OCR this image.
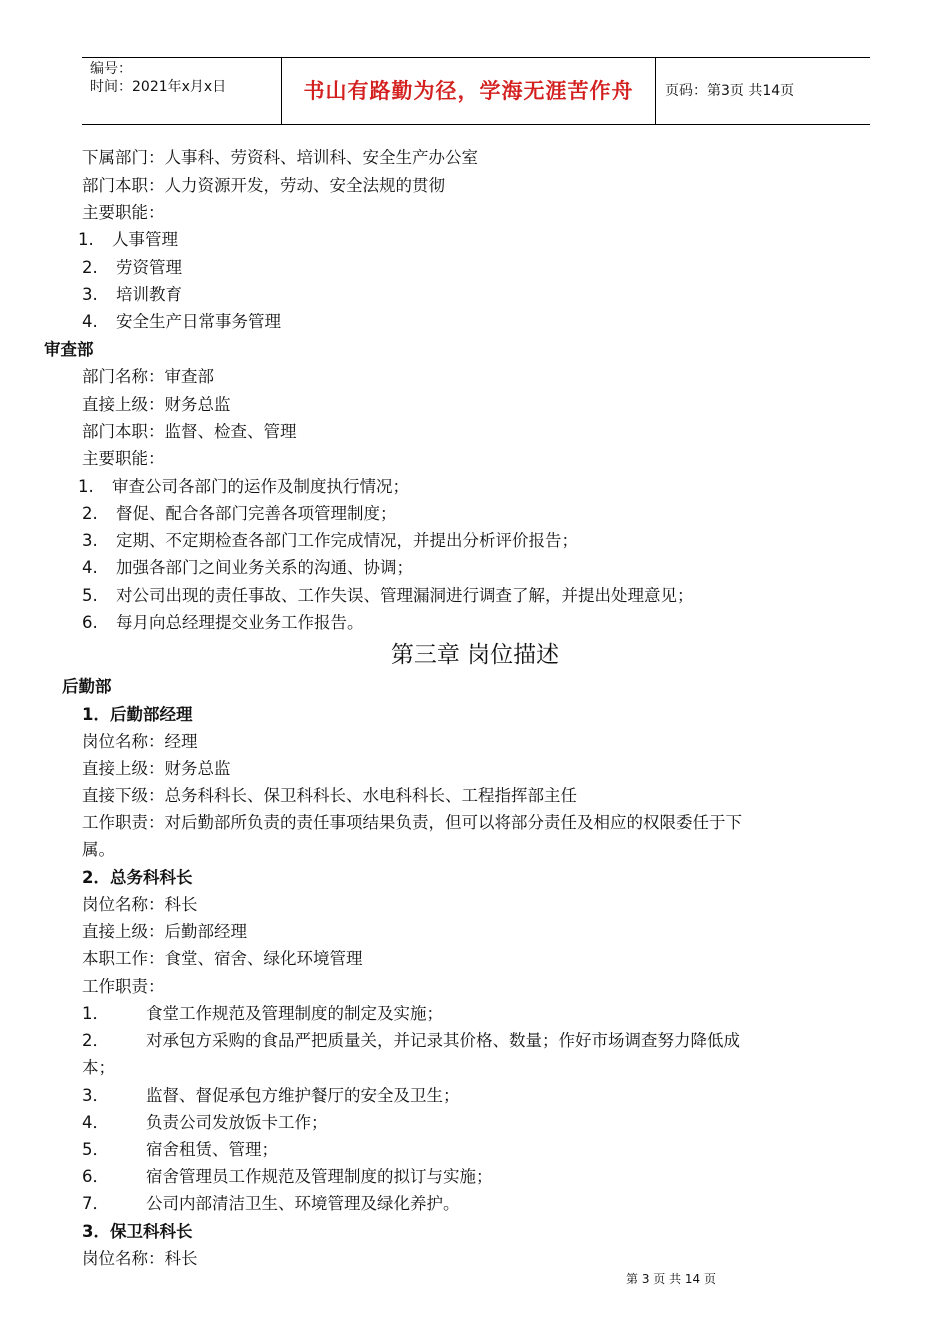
编号：
时间：2021年x月x日	书山有路勤为径，学海无涯苦作舟	页码：第3页 共14页
下属部门：人事科、劳资科、培训科、安全生产办公室
部门本职：人力资源开发，劳动、安全法规的贯彻
主要职能：
1. 人事管理
2. 劳资管理
3. 培训教育
4. 安全生产日常事务管理
审查部
部门名称：审查部
直接上级：财务总监
部门本职：监督、检查、管理
主要职能：
1. 审查公司各部门的运作及制度执行情况；
2. 督促、配合各部门完善各项管理制度；
3. 定期、不定期检查各部门工作完成情况，并提出分析评价报告；
4. 加强各部门之间业务关系的沟通、协调；
5. 对公司出现的责任事故、工作失误、管理漏洞进行调查了解，并提出处理意见；
6. 每月向总经理提交业务工作报告。
第三章 岗位描述
后勤部
1．后勤部经理
岗位名称：经理
直接上级：财务总监
直接下级：总务科科长、保卫科科长、水电科科长、工程指挥部主任
工作职责：对后勤部所负责的责任事项结果负责，但可以将部分责任及相应的权限委任于下
属。
2．总务科科长
岗位名称：科长
直接上级：后勤部经理
本职工作：食堂、宿舍、绿化环境管理
工作职责：
1． 食堂工作规范及管理制度的制定及实施；
2． 对承包方采购的食品严把质量关，并记录其价格、数量；作好市场调查努力降低成
本；
3． 监督、督促承包方维护餐厅的安全及卫生；
4． 负责公司发放饭卡工作；
5． 宿舍租赁、管理；
6． 宿舍管理员工作规范及管理制度的拟订与实施；
7． 公司内部清洁卫生、环境管理及绿化养护。
3．保卫科科长
岗位名称：科长
第 3 页 共 14 页
